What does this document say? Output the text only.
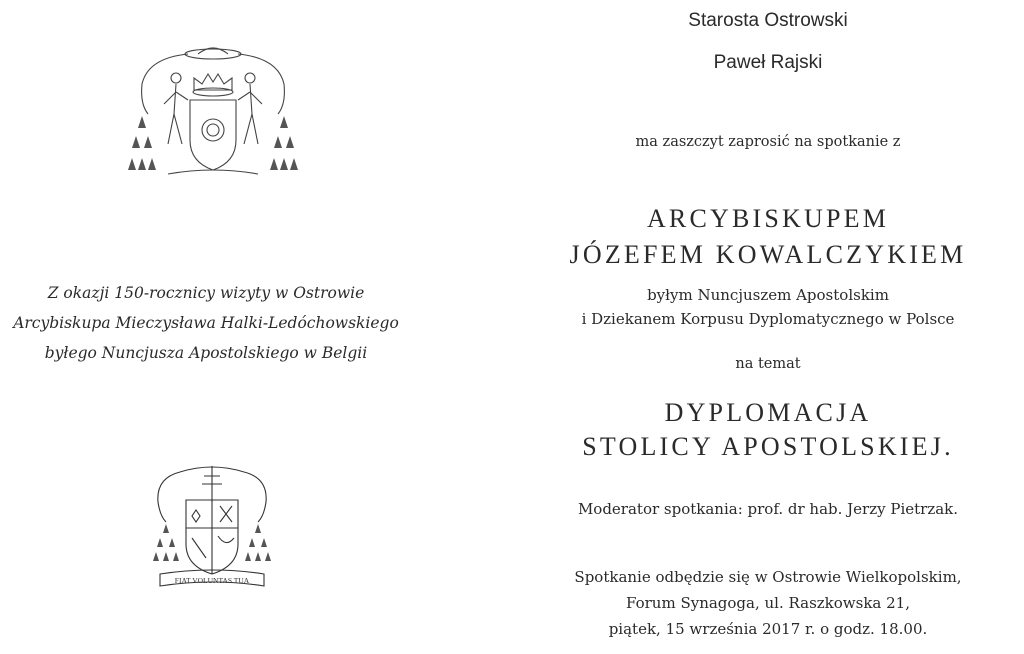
Z okazji 150-rocznicy wizyty w Ostrowie
Arcybiskupa Mieczysława Halki-Ledóchowskiego
byłego Nuncjusza Apostolskiego w Belgii
FIAT VOLUNTAS TUA
Starosta Ostrowski
Paweł Rajski
ma zaszczyt zaprosić na spotkanie z
ARCYBISKUPEM
JÓZEFEM KOWALCZYKIEM
byłym Nuncjuszem Apostolskim
i Dziekanem Korpusu Dyplomatycznego w Polsce
na temat
DYPLOMACJA
STOLICY APOSTOLSKIEJ.
Moderator spotkania: prof. dr hab. Jerzy Pietrzak.
Spotkanie odbędzie się w Ostrowie Wielkopolskim,
Forum Synagoga, ul. Raszkowska 21,
piątek, 15 września 2017 r. o godz. 18.00.
